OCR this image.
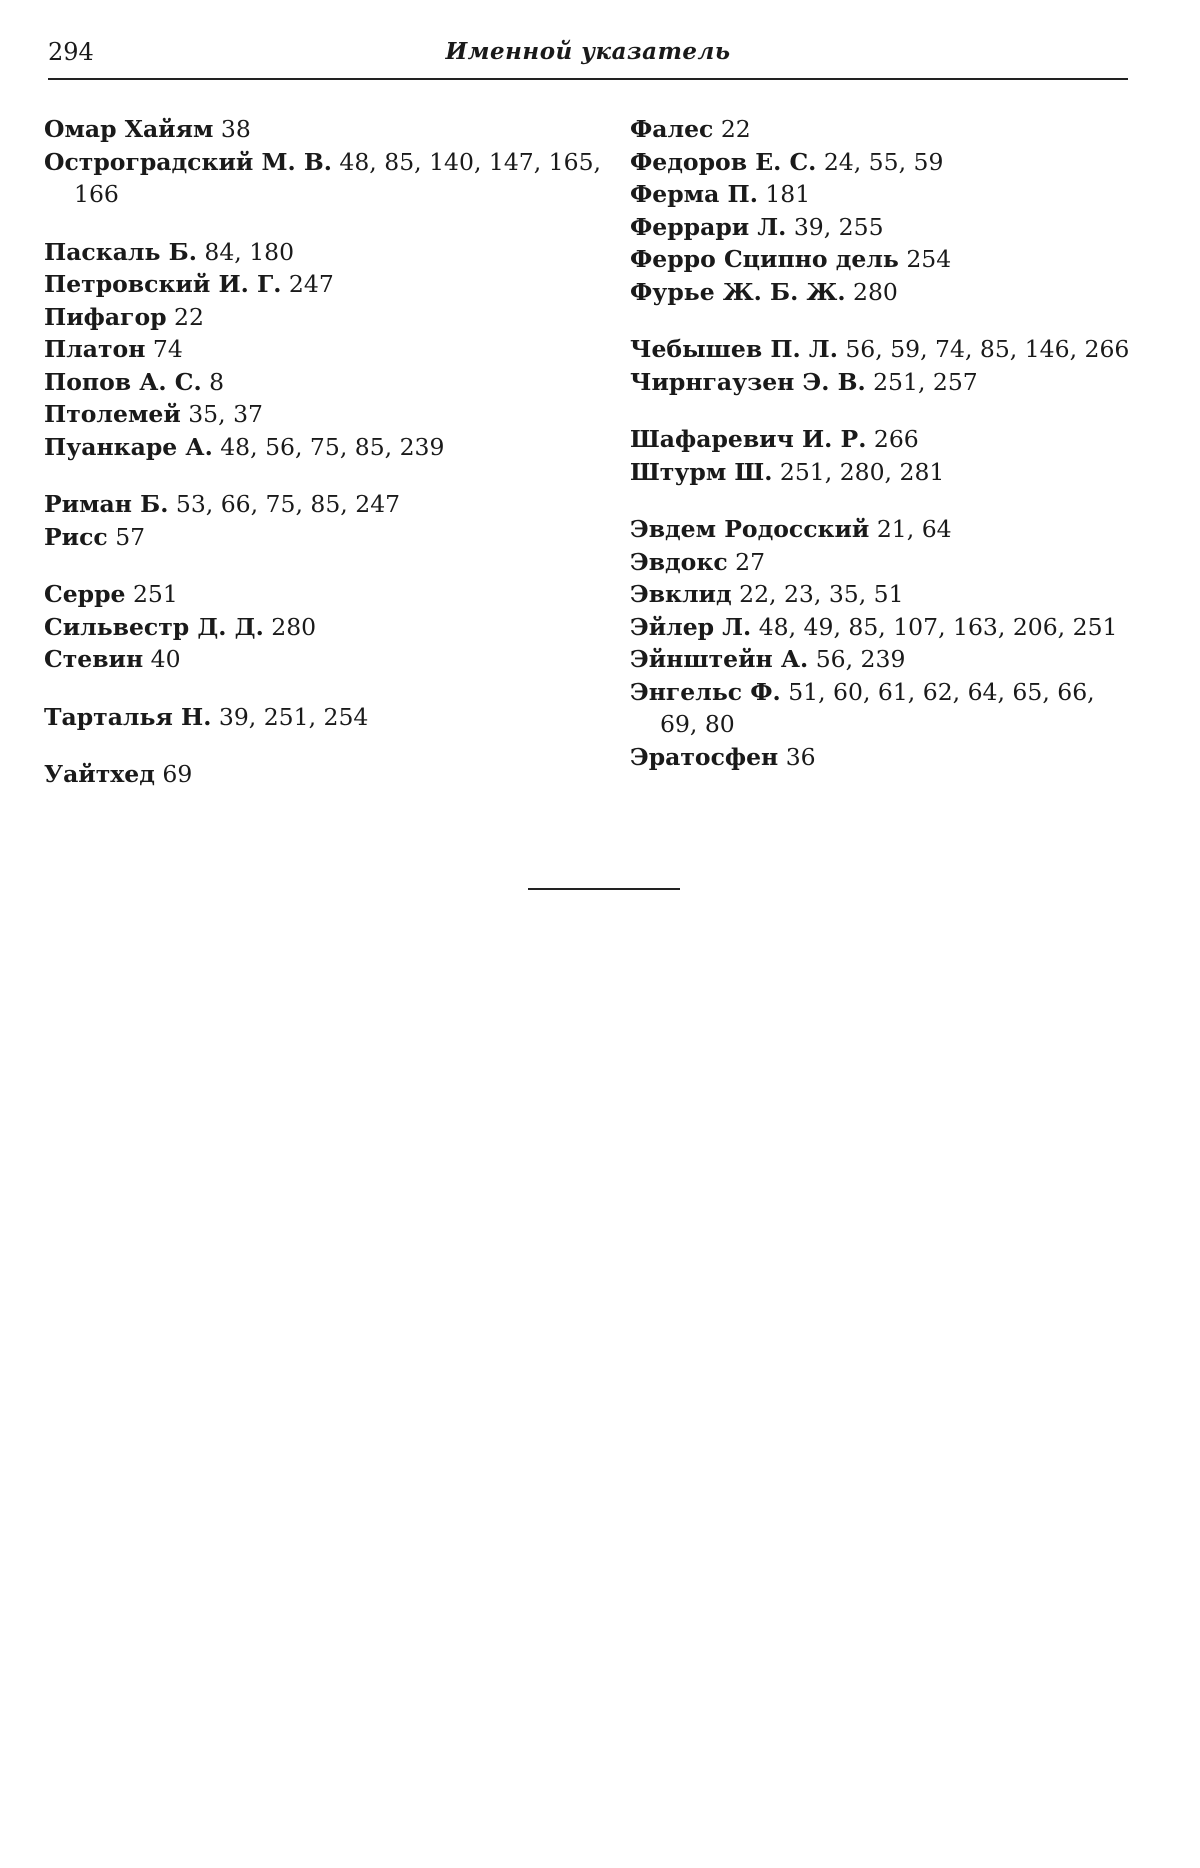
294	Именной указатель
Омар Хайям 38
Остроградский М. В. 48, 85, 140, 147, 165, 166
Паскаль Б. 84, 180
Петровский И. Г. 247
Пифагор 22
Платон 74
Попов А. С. 8
Птолемей 35, 37
Пуанкаре А. 48, 56, 75, 85, 239
Риман Б. 53, 66, 75, 85, 247
Рисс 57
Серре 251
Сильвестр Д. Д. 280
Стевин 40
Тарталья Н. 39, 251, 254
Уайтхед 69
Фалес 22
Федоров Е. С. 24, 55, 59
Ферма П. 181
Феррари Л. 39, 255
Ферро Сципно дель 254
Фурье Ж. Б. Ж. 280
Чебышев П. Л. 56, 59, 74, 85, 146, 266
Чирнгаузен Э. В. 251, 257
Шафаревич И. Р. 266
Штурм Ш. 251, 280, 281
Эвдем Родосский 21, 64
Эвдокс 27
Эвклид 22, 23, 35, 51
Эйлер Л. 48, 49, 85, 107, 163, 206, 251
Эйнштейн А. 56, 239
Энгельс Ф. 51, 60, 61, 62, 64, 65, 66, 69, 80
Эратосфен 36
